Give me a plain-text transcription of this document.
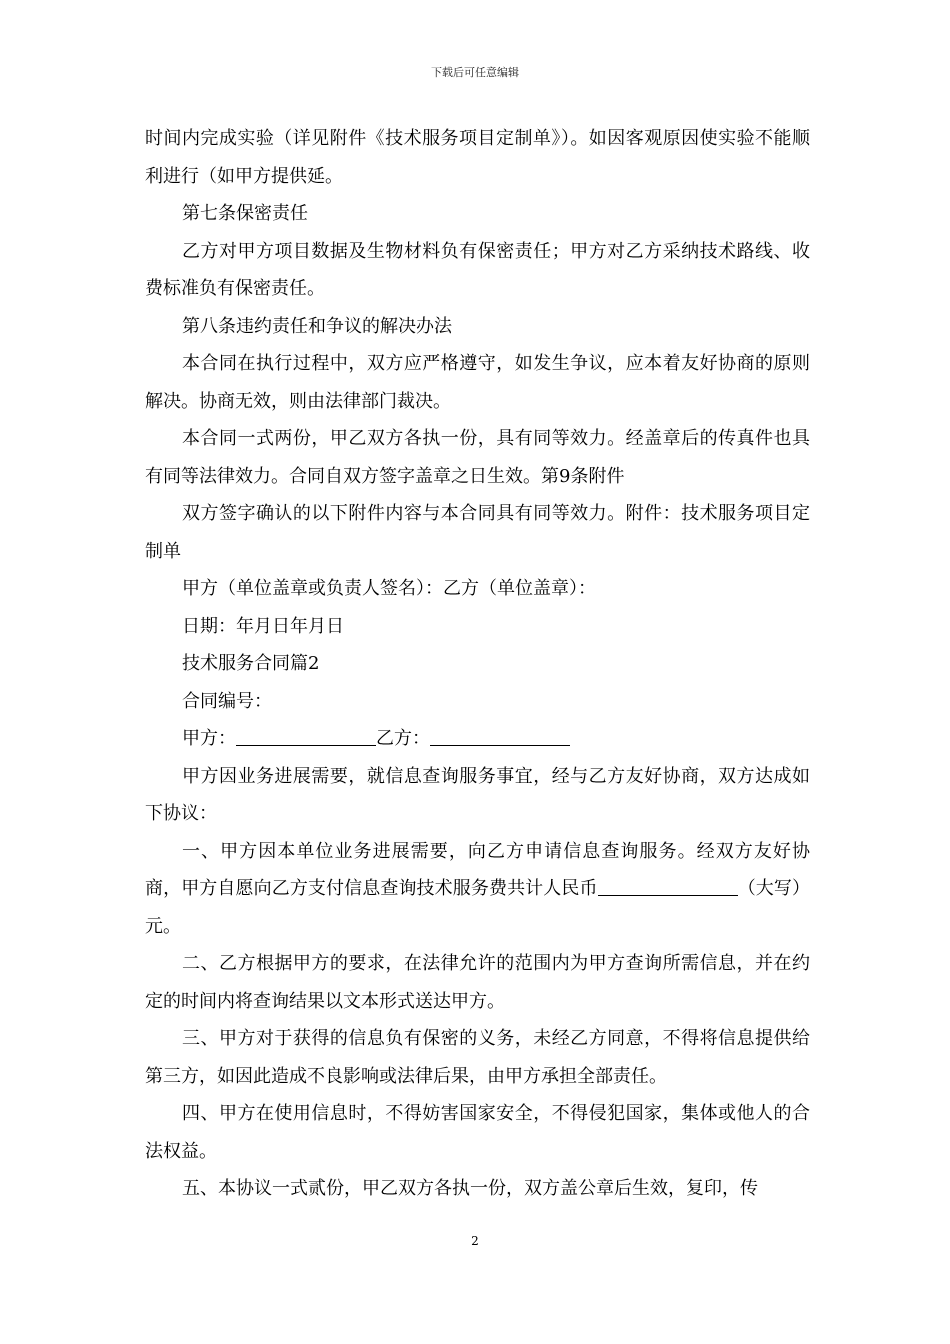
下载后可任意编辑

时间内完成实验（详见附件《技术服务项目定制单》）。如因客观原因使实验不能顺利进行（如甲方提供延。

第七条保密责任

乙方对甲方项目数据及生物材料负有保密责任；甲方对乙方采纳技术路线、收费标准负有保密责任。

第八条违约责任和争议的解决办法

本合同在执行过程中，双方应严格遵守，如发生争议，应本着友好协商的原则解决。协商无效，则由法律部门裁决。

本合同一式两份，甲乙双方各执一份，具有同等效力。经盖章后的传真件也具有同等法律效力。合同自双方签字盖章之日生效。第9条附件

双方签字确认的以下附件内容与本合同具有同等效力。附件：技术服务项目定制单

甲方（单位盖章或负责人签名）：乙方（单位盖章）：

日期：年月日年月日

技术服务合同篇2

合同编号：

甲方：	乙方：

甲方因业务进展需要，就信息查询服务事宜，经与乙方友好协商，双方达成如下协议：

一、甲方因本单位业务进展需要，向乙方申请信息查询服务。经双方友好协商，甲方自愿向乙方支付信息查询技术服务费共计人民币	（大写）元。

二、乙方根据甲方的要求，在法律允许的范围内为甲方查询所需信息，并在约定的时间内将查询结果以文本形式送达甲方。

三、甲方对于获得的信息负有保密的义务，未经乙方同意，不得将信息提供给第三方，如因此造成不良影响或法律后果，由甲方承担全部责任。

四、甲方在使用信息时，不得妨害国家安全，不得侵犯国家，集体或他人的合法权益。

五、本协议一式贰份，甲乙双方各执一份，双方盖公章后生效，复印，传

2
